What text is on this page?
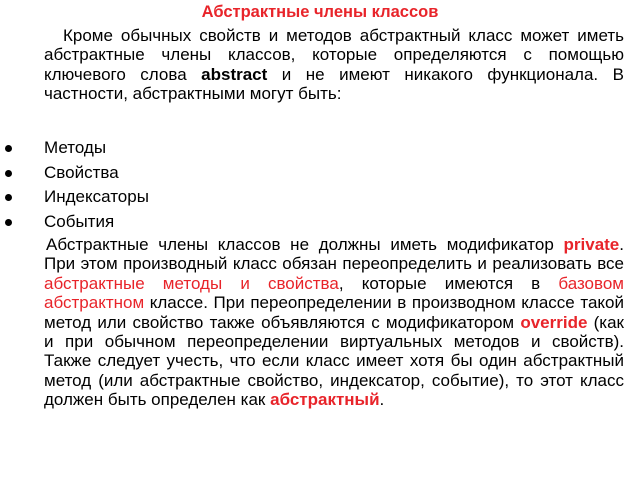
Абстрактные члены классов

Кроме обычных свойств и методов абстрактный класс может иметь абстрактные члены классов, которые определяются с помощью ключевого слова abstract и не имеют никакого функционала. В частности, абстрактными могут быть:

Методы
Свойства
Индексаторы
События

Абстрактные члены классов не должны иметь модификатор private. При этом производный класс обязан переопределить и реализовать все абстрактные методы и свойства, которые имеются в базовом абстрактном классе. При переопределении в производном классе такой метод или свойство также объявляются с модификатором override (как и при обычном переопределении виртуальных методов и свойств). Также следует учесть, что если класс имеет хотя бы один абстрактный метод (или абстрактные свойство, индексатор, событие), то этот класс должен быть определен как абстрактный.
